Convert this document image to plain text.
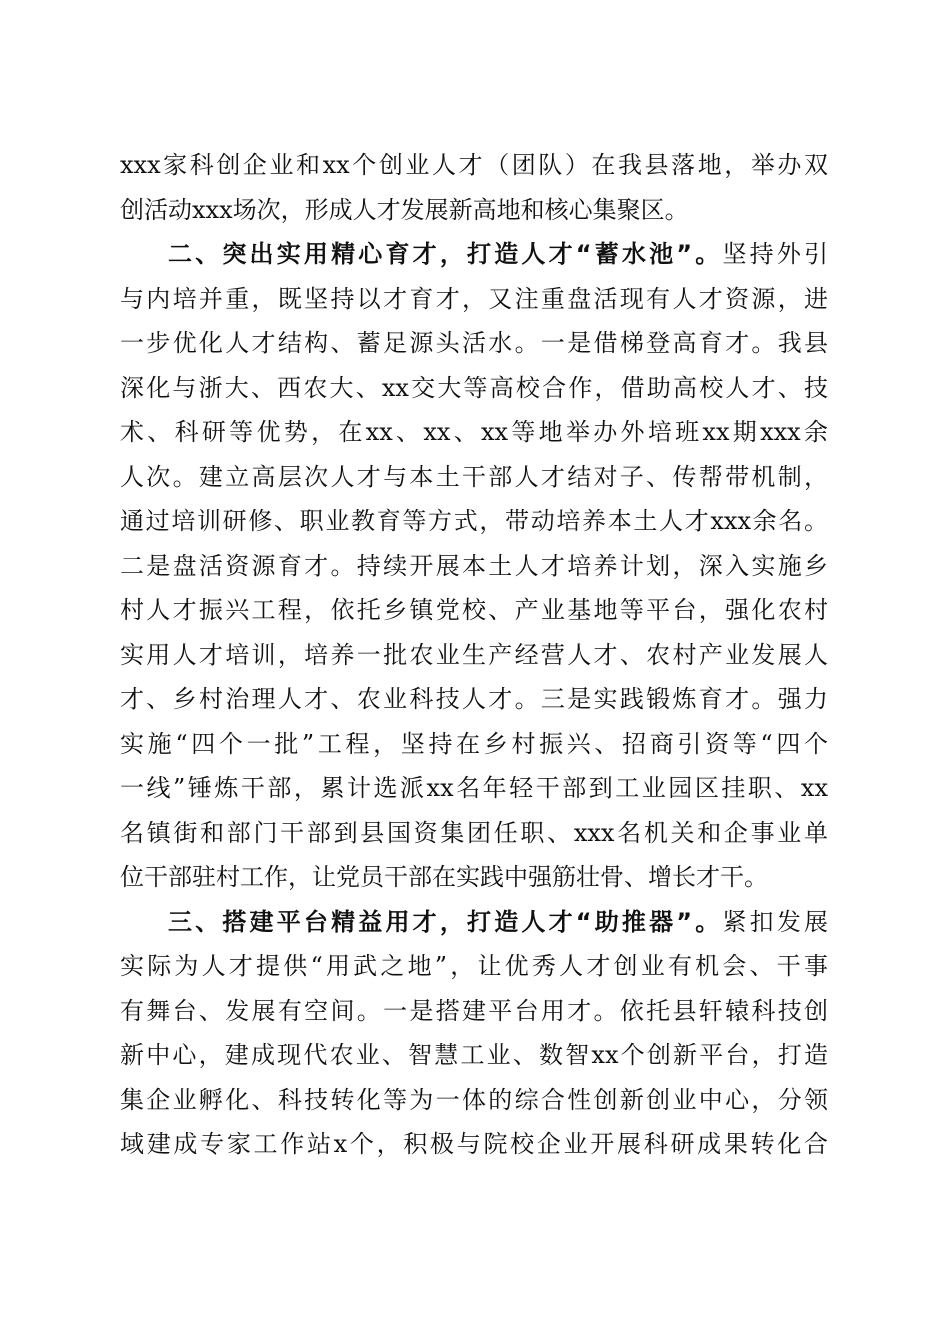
xxx家科创企业和xx个创业人才（团队）在我县落地，举办双
创活动xxx场次，形成人才发展新高地和核心集聚区。
二、突出实用精心育才，打造人才“蓄水池”。坚持外引
与内培并重，既坚持以才育才，又注重盘活现有人才资源，进
一步优化人才结构、蓄足源头活水。一是借梯登高育才。我县
深化与浙大、西农大、xx交大等高校合作，借助高校人才、技
术、科研等优势，在xx、xx、xx等地举办外培班xx期xxx余
人次。建立高层次人才与本土干部人才结对子、传帮带机制，
通过培训研修、职业教育等方式，带动培养本土人才xxx余名。
二是盘活资源育才。持续开展本土人才培养计划，深入实施乡
村人才振兴工程，依托乡镇党校、产业基地等平台，强化农村
实用人才培训，培养一批农业生产经营人才、农村产业发展人
才、乡村治理人才、农业科技人才。三是实践锻炼育才。强力
实施“四个一批”工程，坚持在乡村振兴、招商引资等“四个
一线”锤炼干部，累计选派xx名年轻干部到工业园区挂职、xx
名镇街和部门干部到县国资集团任职、xxx名机关和企事业单
位干部驻村工作，让党员干部在实践中强筋壮骨、增长才干。
三、搭建平台精益用才，打造人才“助推器”。紧扣发展
实际为人才提供“用武之地”，让优秀人才创业有机会、干事
有舞台、发展有空间。一是搭建平台用才。依托县轩辕科技创
新中心，建成现代农业、智慧工业、数智xx个创新平台，打造
集企业孵化、科技转化等为一体的综合性创新创业中心，分领
域建成专家工作站x个，积极与院校企业开展科研成果转化合
